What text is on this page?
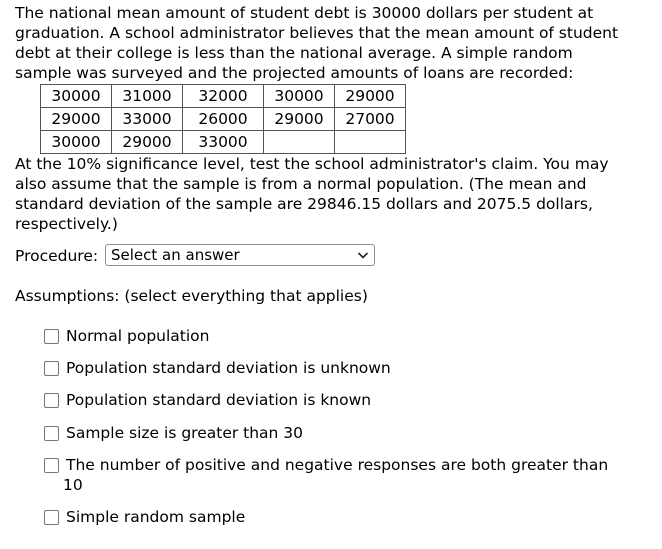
The national mean amount of student debt is 30000 dollars per student at
graduation. A school administrator believes that the mean amount of student
debt at their college is less than the national average. A simple random
sample was surveyed and the projected amounts of loans are recorded:

30000	31000	32000	30000	29000
29000	33000	26000	29000	27000
30000	29000	33000		

At the 10% significance level, test the school administrator's claim. You may
also assume that the sample is from a normal population. (The mean and
standard deviation of the sample are 29846.15 dollars and 2075.5 dollars,
respectively.)

Procedure: Select an answer
Assumptions: (select everything that applies)
Normal population
Population standard deviation is unknown
Population standard deviation is known
Sample size is greater than 30
The number of positive and negative responses are both greater than
10
Simple random sample
